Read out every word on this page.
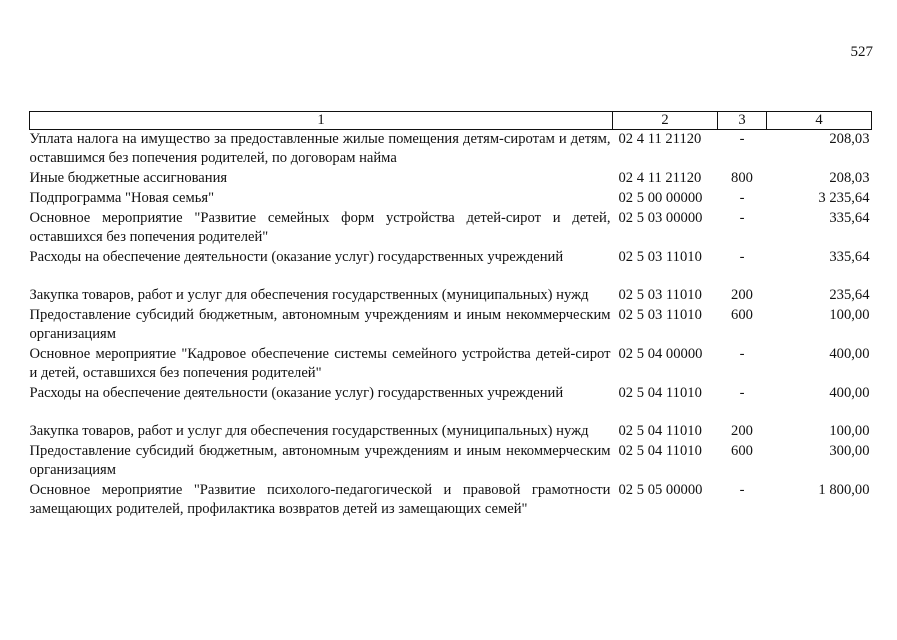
527
1	2	3	4
Уплата налога на имущество за предоставленные жилые помещения детям-сиротам и детям, оставшимся без попечения родителей, по договорам найма	02 4 11 21120	-	208,03
Иные бюджетные ассигнования	02 4 11 21120	800	208,03
Подпрограмма "Новая семья"	02 5 00 00000	-	3 235,64
Основное мероприятие "Развитие семейных форм устройства детей-сирот и детей, оставшихся без попечения родителей"	02 5 03 00000	-	335,64
Расходы на обеспечение деятельности (оказание услуг) государственных учреждений	02 5 03 11010	-	335,64
Закупка товаров, работ и услуг для обеспечения государственных (муниципальных) нужд	02 5 03 11010	200	235,64
Предоставление субсидий бюджетным, автономным учреждениям и иным некоммерческим организациям	02 5 03 11010	600	100,00
Основное мероприятие "Кадровое обеспечение системы семейного устройства детей-сирот и детей, оставшихся без попечения родителей"	02 5 04 00000	-	400,00
Расходы на обеспечение деятельности (оказание услуг) государственных учреждений	02 5 04 11010	-	400,00
Закупка товаров, работ и услуг для обеспечения государственных (муниципальных) нужд	02 5 04 11010	200	100,00
Предоставление субсидий бюджетным, автономным учреждениям и иным некоммерческим организациям	02 5 04 11010	600	300,00
Основное мероприятие "Развитие психолого-педагогической и правовой грамотности замещающих родителей, профилактика возвратов детей из замещающих семей"	02 5 05 00000	-	1 800,00
